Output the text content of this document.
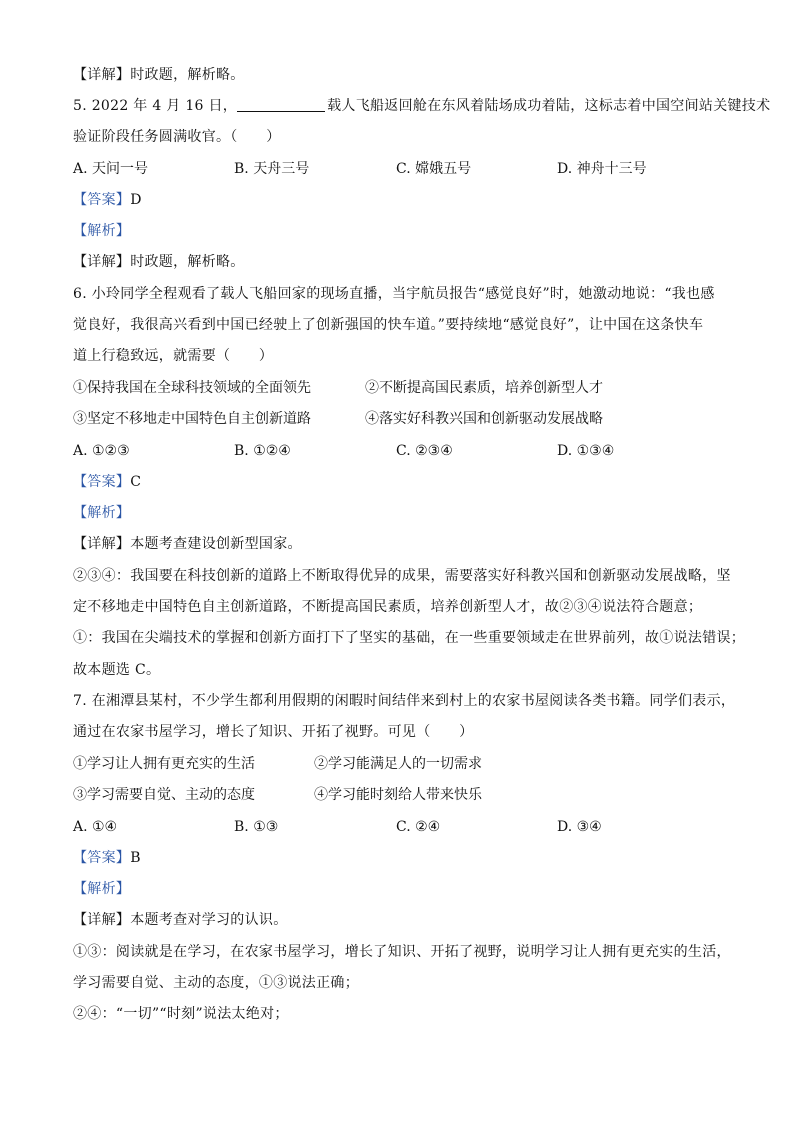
【详解】时政题，解析略。
5. 2022 年 4 月 16 日，	载人飞船返回舱在东风着陆场成功着陆，这标志着中国空间站关键技术
验证阶段任务圆满收官。（　　）
A. 天问一号	B. 天舟三号	C. 嫦娥五号	D. 神舟十三号
【答案】D
【解析】
【详解】时政题，解析略。
6. 小玲同学全程观看了载人飞船回家的现场直播，当宇航员报告“感觉良好”时，她激动地说：“我也感
觉良好，我很高兴看到中国已经驶上了创新强国的快车道。”要持续地“感觉良好”，让中国在这条快车
道上行稳致远，就需要（　　）
①保持我国在全球科技领域的全面领先	②不断提高国民素质，培养创新型人才
③坚定不移地走中国特色自主创新道路	④落实好科教兴国和创新驱动发展战略
A. ①②③	B. ①②④	C. ②③④	D. ①③④
【答案】C
【解析】
【详解】本题考查建设创新型国家。
②③④：我国要在科技创新的道路上不断取得优异的成果，需要落实好科教兴国和创新驱动发展战略，坚
定不移地走中国特色自主创新道路，不断提高国民素质，培养创新型人才，故②③④说法符合题意；
①：我国在尖端技术的掌握和创新方面打下了坚实的基础，在一些重要领域走在世界前列，故①说法错误；
故本题选 C。
7. 在湘潭县某村，不少学生都利用假期的闲暇时间结伴来到村上的农家书屋阅读各类书籍。同学们表示，
通过在农家书屋学习，增长了知识、开拓了视野。可见（　　）
①学习让人拥有更充实的生活	②学习能满足人的一切需求
③学习需要自觉、主动的态度	④学习能时刻给人带来快乐
A. ①④	B. ①③	C. ②④	D. ③④
【答案】B
【解析】
【详解】本题考查对学习的认识。
①③：阅读就是在学习，在农家书屋学习，增长了知识、开拓了视野，说明学习让人拥有更充实的生活，
学习需要自觉、主动的态度，①③说法正确；
②④：“一切”“时刻”说法太绝对；
